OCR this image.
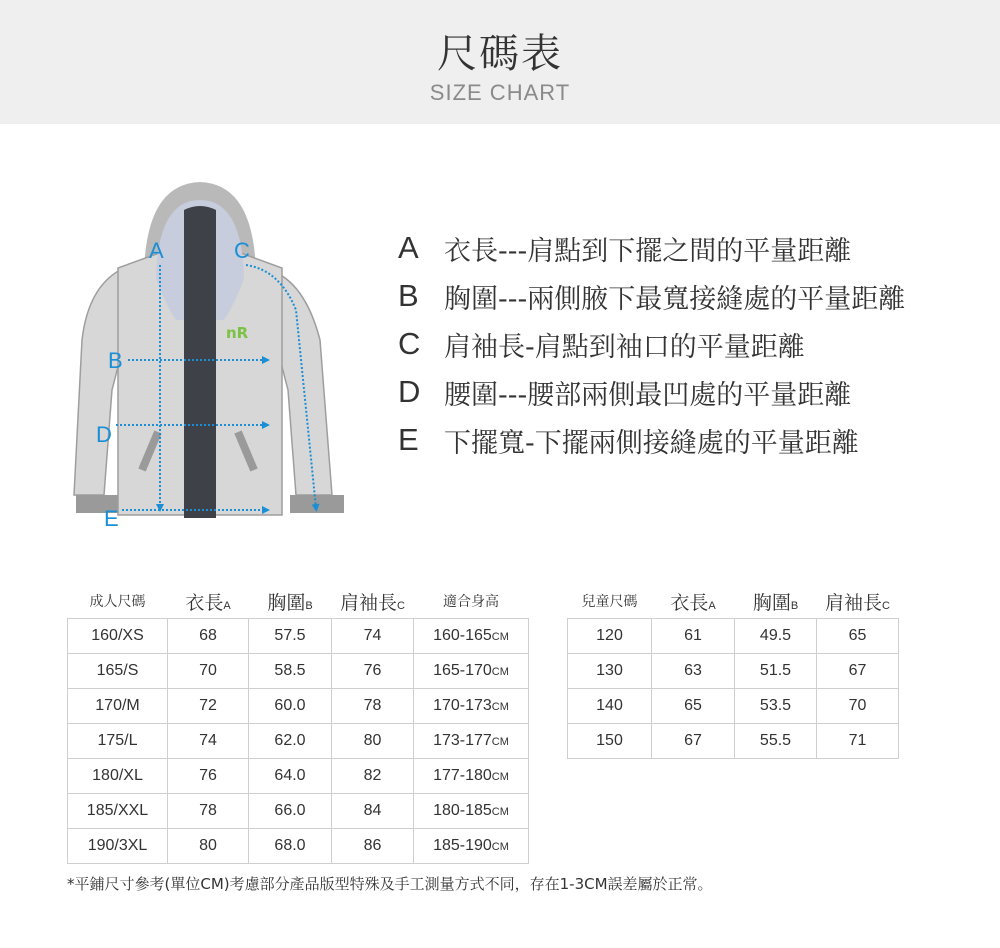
尺碼表
SIZE CHART
nR
A	C
B
D
E
A 衣長---肩點到下擺之間的平量距離
B 胸圍---兩側腋下最寬接縫處的平量距離
C 肩袖長-肩點到袖口的平量距離
D 腰圍---腰部兩側最凹處的平量距離
E 下擺寬-下擺兩側接縫處的平量距離
成人尺碼	衣長A	胸圍B	肩袖長C	適合身高
160/XS	68	57.5	74	160-165CM
165/S	70	58.5	76	165-170CM
170/M	72	60.0	78	170-173CM
175/L	74	62.0	80	173-177CM
180/XL	76	64.0	82	177-180CM
185/XXL	78	66.0	84	180-185CM
190/3XL	80	68.0	86	185-190CM
兒童尺碼	衣長A	胸圍B	肩袖長C
120	61	49.5	65
130	63	51.5	67
140	65	53.5	70
150	67	55.5	71
*平鋪尺寸參考(單位CM)考慮部分產品版型特殊及手工測量方式不同，存在1-3CM誤差屬於正常。
